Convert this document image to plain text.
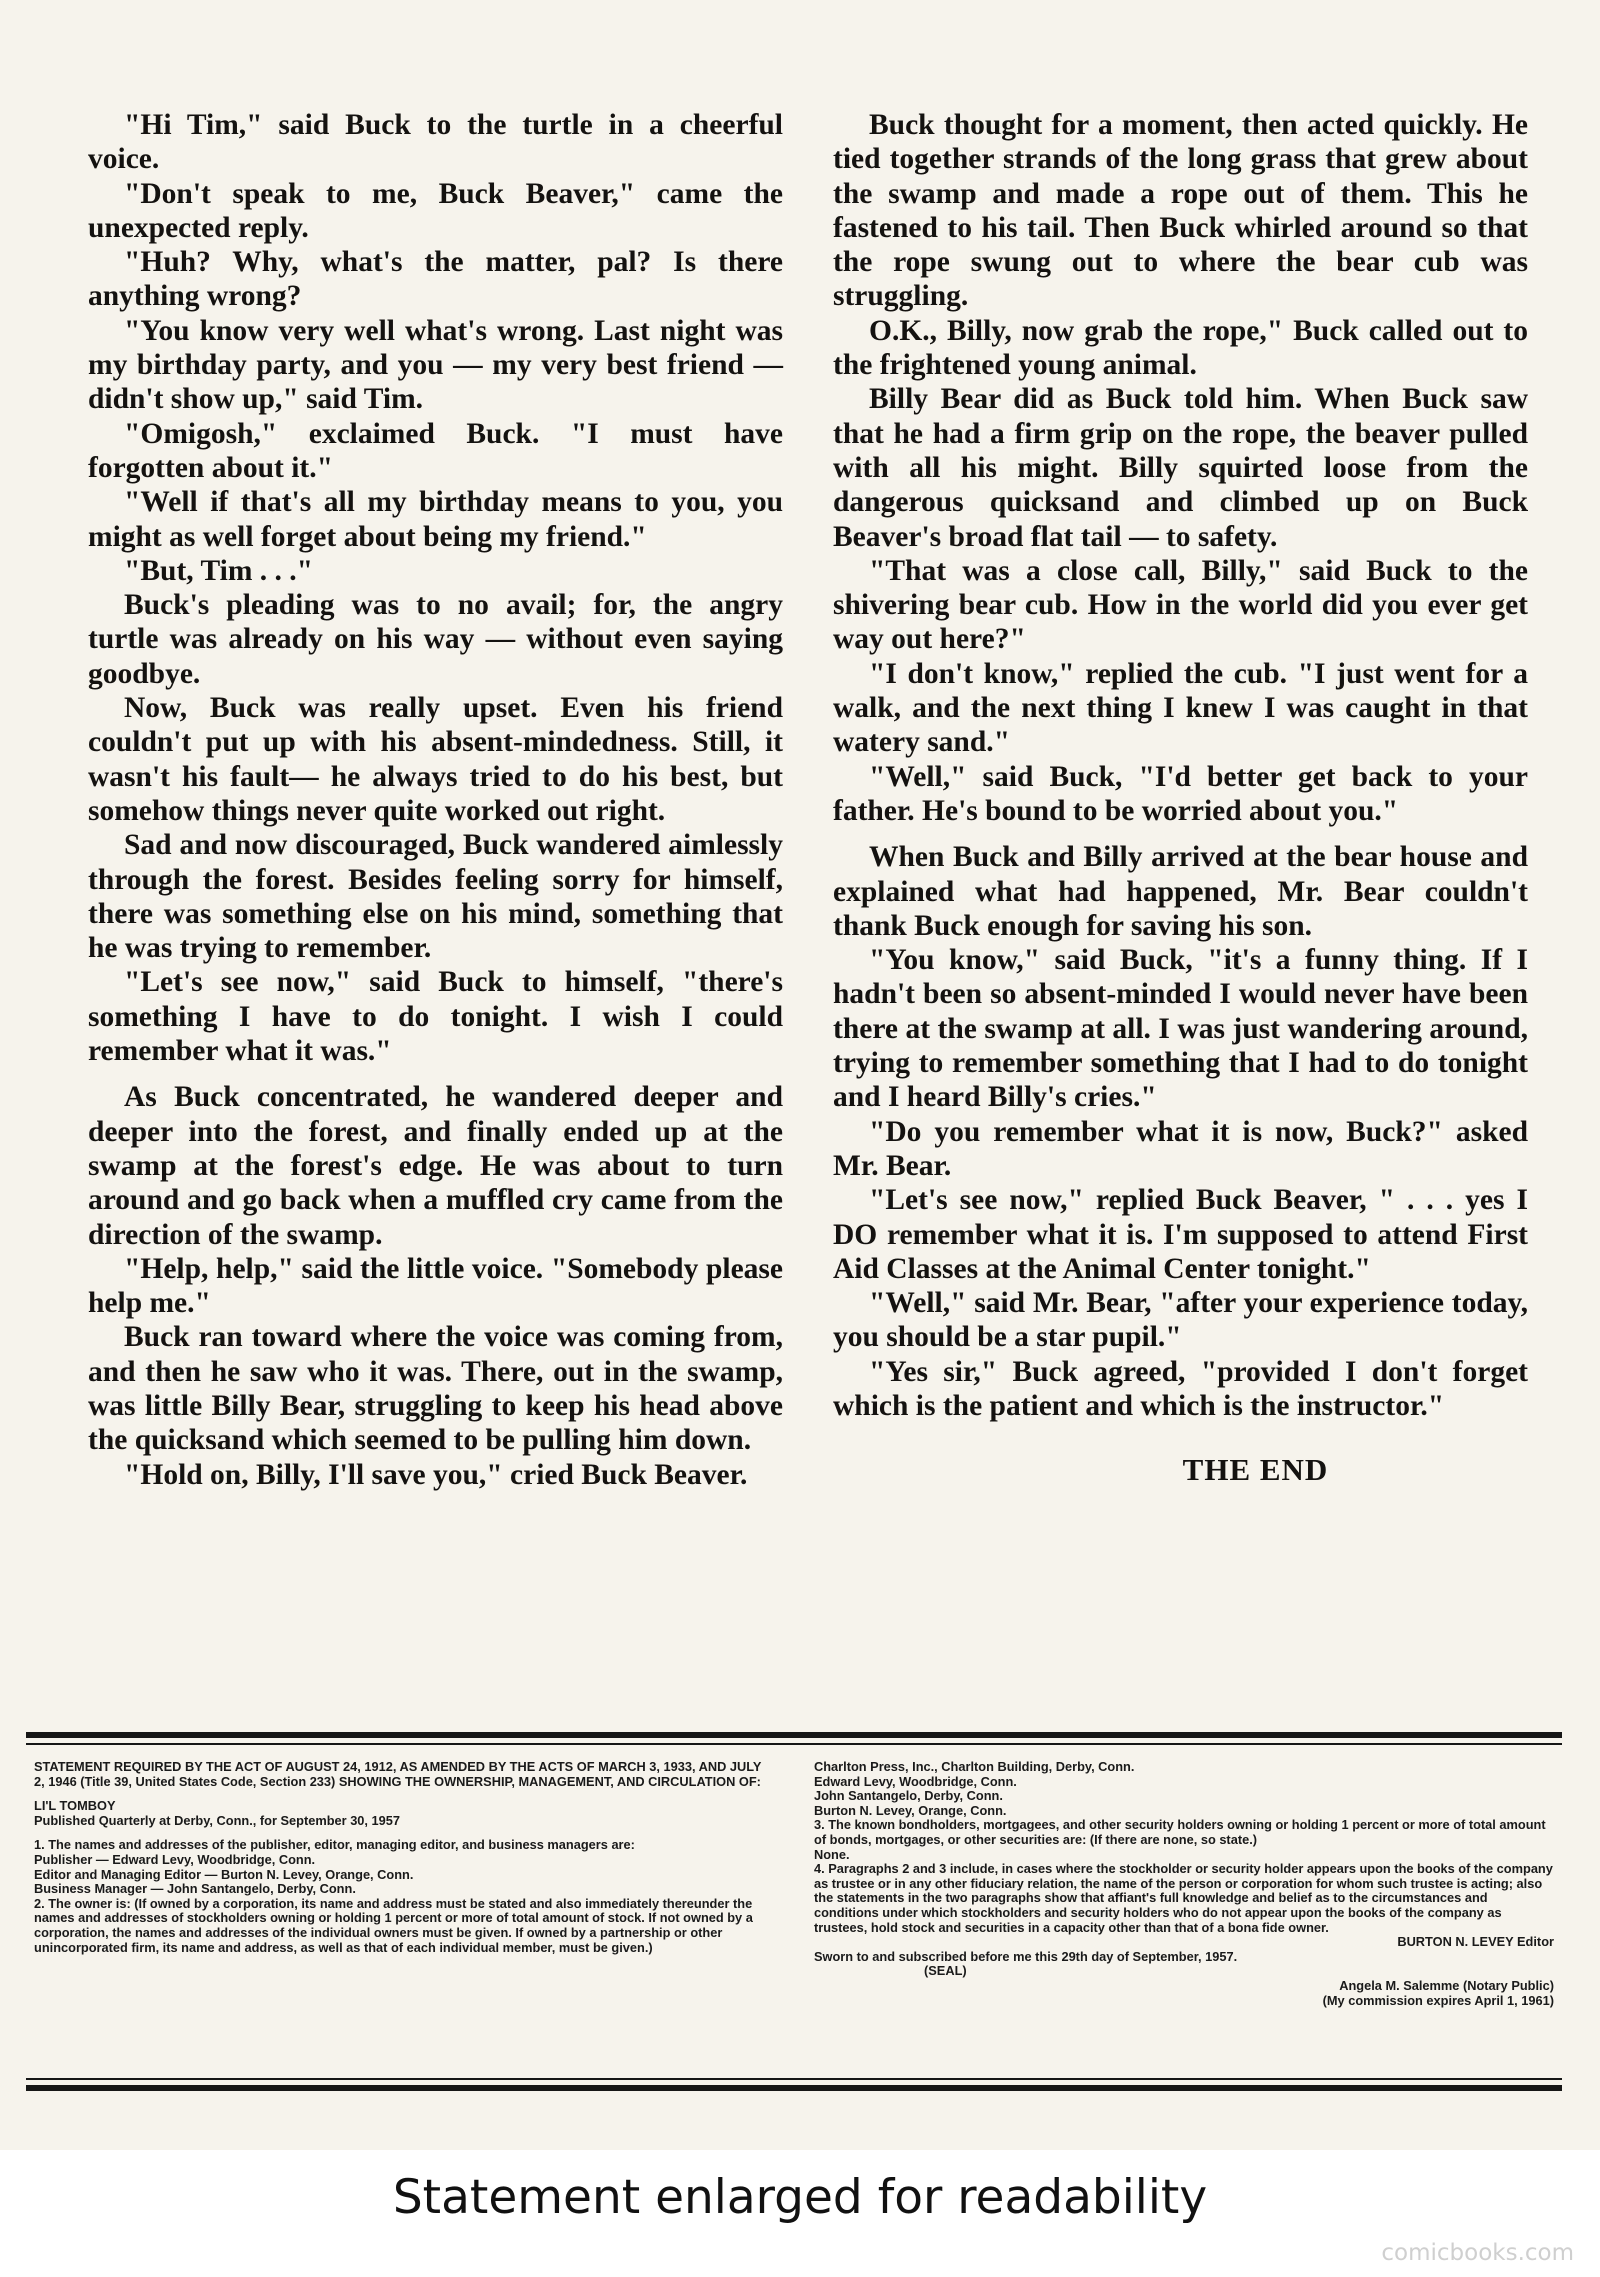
"Hi Tim," said Buck to the turtle in a cheerful voice.

"Don't speak to me, Buck Beaver," came the unexpected reply.

"Huh? Why, what's the matter, pal? Is there anything wrong?

"You know very well what's wrong. Last night was my birthday party, and you — my very best friend — didn't show up," said Tim.

"Omigosh," exclaimed Buck. "I must have forgotten about it."

"Well if that's all my birthday means to you, you might as well forget about being my friend."

"But, Tim . . ."

Buck's pleading was to no avail; for, the angry turtle was already on his way — without even saying goodbye.

Now, Buck was really upset. Even his friend couldn't put up with his absent-mindedness. Still, it wasn't his fault— he always tried to do his best, but somehow things never quite worked out right.

Sad and now discouraged, Buck wandered aimlessly through the forest. Besides feeling sorry for himself, there was something else on his mind, something that he was trying to remember.

"Let's see now," said Buck to himself, "there's something I have to do tonight. I wish I could remember what it was."

As Buck concentrated, he wandered deeper and deeper into the forest, and finally ended up at the swamp at the forest's edge. He was about to turn around and go back when a muffled cry came from the direction of the swamp.

"Help, help," said the little voice. "Somebody please help me."

Buck ran toward where the voice was coming from, and then he saw who it was. There, out in the swamp, was little Billy Bear, struggling to keep his head above the quicksand which seemed to be pulling him down.

"Hold on, Billy, I'll save you," cried Buck Beaver.

Buck thought for a moment, then acted quickly. He tied together strands of the long grass that grew about the swamp and made a rope out of them. This he fastened to his tail. Then Buck whirled around so that the rope swung out to where the bear cub was struggling.

O.K., Billy, now grab the rope," Buck called out to the frightened young animal.

Billy Bear did as Buck told him. When Buck saw that he had a firm grip on the rope, the beaver pulled with all his might. Billy squirted loose from the dangerous quicksand and climbed up on Buck Beaver's broad flat tail — to safety.

"That was a close call, Billy," said Buck to the shivering bear cub. How in the world did you ever get way out here?"

"I don't know," replied the cub. "I just went for a walk, and the next thing I knew I was caught in that watery sand."

"Well," said Buck, "I'd better get back to your father. He's bound to be worried about you."

When Buck and Billy arrived at the bear house and explained what had happened, Mr. Bear couldn't thank Buck enough for saving his son.

"You know," said Buck, "it's a funny thing. If I hadn't been so absent-minded I would never have been there at the swamp at all. I was just wandering around, trying to remember something that I had to do tonight and I heard Billy's cries."

"Do you remember what it is now, Buck?" asked Mr. Bear.

"Let's see now," replied Buck Beaver, " . . . yes I DO remember what it is. I'm supposed to attend First Aid Classes at the Animal Center tonight."

"Well," said Mr. Bear, "after your experience today, you should be a star pupil."

"Yes sir," Buck agreed, "provided I don't forget which is the patient and which is the instructor."

THE END

STATEMENT REQUIRED BY THE ACT OF AUGUST 24, 1912, AS AMENDED BY THE ACTS OF MARCH 3, 1933, AND JULY 2, 1946 (Title 39, United States Code, Section 233) SHOWING THE OWNERSHIP, MANAGEMENT, AND CIRCULATION OF:

LI'L TOMBOY

Published Quarterly at Derby, Conn., for September 30, 1957

1. The names and addresses of the publisher, editor, managing editor, and business managers are:

Publisher — Edward Levy, Woodbridge, Conn.

Editor and Managing Editor — Burton N. Levey, Orange, Conn.

Business Manager — John Santangelo, Derby, Conn.

2. The owner is: (If owned by a corporation, its name and address must be stated and also immediately thereunder the names and addresses of stockholders owning or holding 1 percent or more of total amount of stock. If not owned by a corporation, the names and addresses of the individual owners must be given. If owned by a partnership or other unincorporated firm, its name and address, as well as that of each individual member, must be given.)

Charlton Press, Inc., Charlton Building, Derby, Conn.

Edward Levy, Woodbridge, Conn.

John Santangelo, Derby, Conn.

Burton N. Levey, Orange, Conn.

3. The known bondholders, mortgagees, and other security holders owning or holding 1 percent or more of total amount of bonds, mortgages, or other securities are: (If there are none, so state.)

None.

4. Paragraphs 2 and 3 include, in cases where the stockholder or security holder appears upon the books of the company as trustee or in any other fiduciary relation, the name of the person or corporation for whom such trustee is acting; also the statements in the two paragraphs show that affiant's full knowledge and belief as to the circumstances and conditions under which stockholders and security holders who do not appear upon the books of the company as trustees, hold stock and securities in a capacity other than that of a bona fide owner.

BURTON N. LEVEY Editor

Sworn to and subscribed before me this 29th day of September, 1957.

(SEAL)

Angela M. Salemme (Notary Public)

(My commission expires April 1, 1961)

Statement enlarged for readability
comicbooks.com
